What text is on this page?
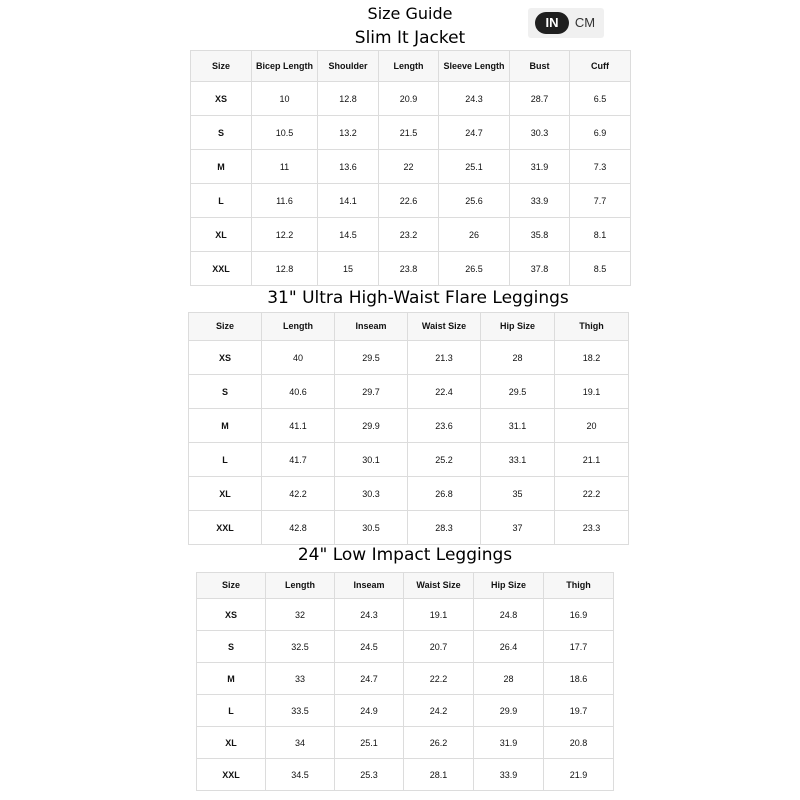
Size Guide	IN	CM
Slim It Jacket
Size	Bicep Length	Shoulder	Length	Sleeve Length	Bust	Cuff
XS	10	12.8	20.9	24.3	28.7	6.5
S	10.5	13.2	21.5	24.7	30.3	6.9
M	11	13.6	22	25.1	31.9	7.3
L	11.6	14.1	22.6	25.6	33.9	7.7
XL	12.2	14.5	23.2	26	35.8	8.1
XXL	12.8	15	23.8	26.5	37.8	8.5
31" Ultra High-Waist Flare Leggings
Size	Length	Inseam	Waist Size	Hip Size	Thigh
XS	40	29.5	21.3	28	18.2
S	40.6	29.7	22.4	29.5	19.1
M	41.1	29.9	23.6	31.1	20
L	41.7	30.1	25.2	33.1	21.1
XL	42.2	30.3	26.8	35	22.2
XXL	42.8	30.5	28.3	37	23.3
24" Low Impact Leggings
Size	Length	Inseam	Waist Size	Hip Size	Thigh
XS	32	24.3	19.1	24.8	16.9
S	32.5	24.5	20.7	26.4	17.7
M	33	24.7	22.2	28	18.6
L	33.5	24.9	24.2	29.9	19.7
XL	34	25.1	26.2	31.9	20.8
XXL	34.5	25.3	28.1	33.9	21.9
